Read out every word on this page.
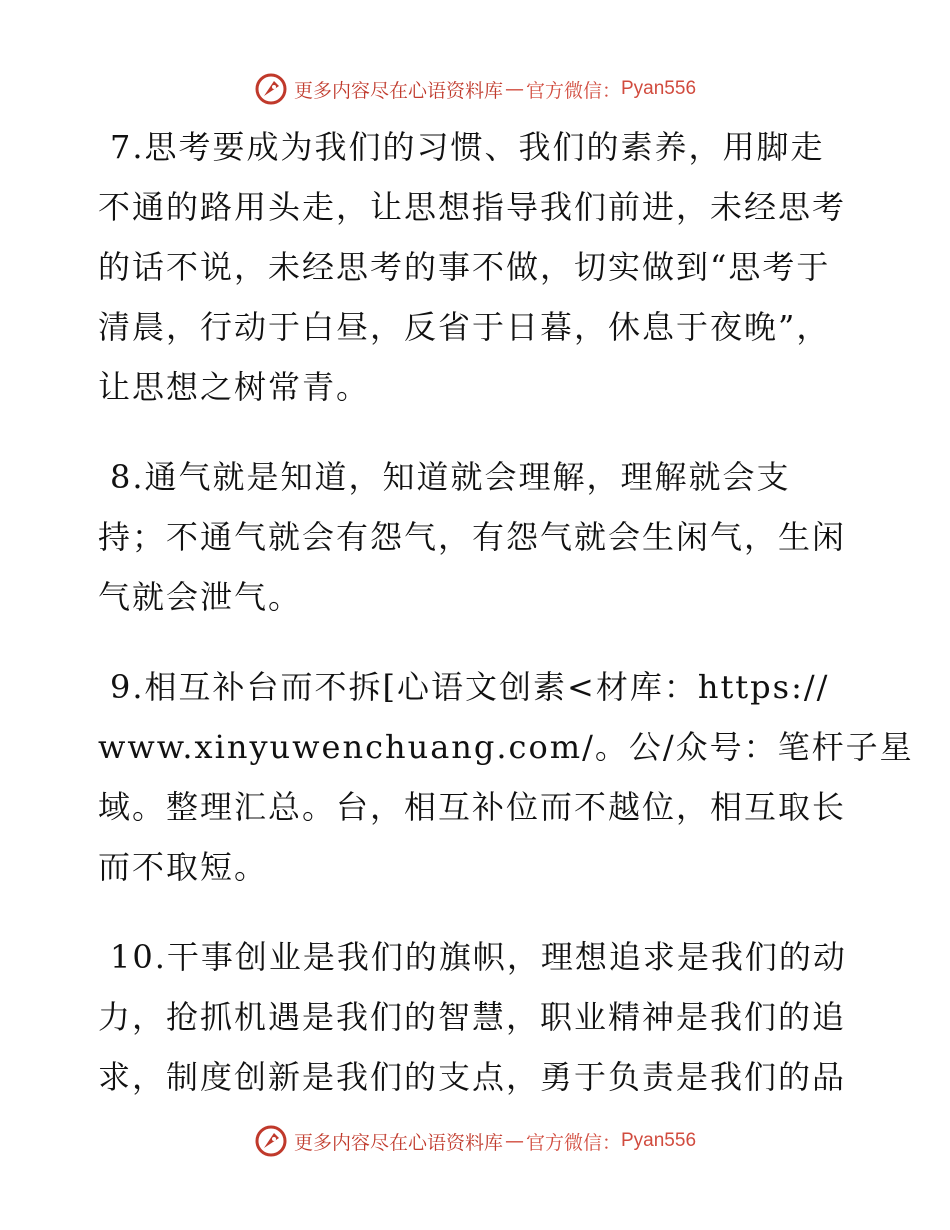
更多内容尽在心语资料库 — 官方微信： Pyan556
7.思考要成为我们的习惯、我们的素养，用脚走
不通的路用头走，让思想指导我们前进，未经思考
的话不说，未经思考的事不做，切实做到“思考于
清晨，行动于白昼，反省于日暮，休息于夜晚”，
让思想之树常青。
8.通气就是知道，知道就会理解，理解就会支
持；不通气就会有怨气，有怨气就会生闲气，生闲
气就会泄气。
9.相互补台而不拆[心语文创素<材库：https://
www.xinyuwenchuang.com/。公/众号：笔杆子星
域。整理汇总。台，相互补位而不越位，相互取长
而不取短。
10.干事创业是我们的旗帜，理想追求是我们的动
力，抢抓机遇是我们的智慧，职业精神是我们的追
求，制度创新是我们的支点，勇于负责是我们的品
更多内容尽在心语资料库 — 官方微信： Pyan556
